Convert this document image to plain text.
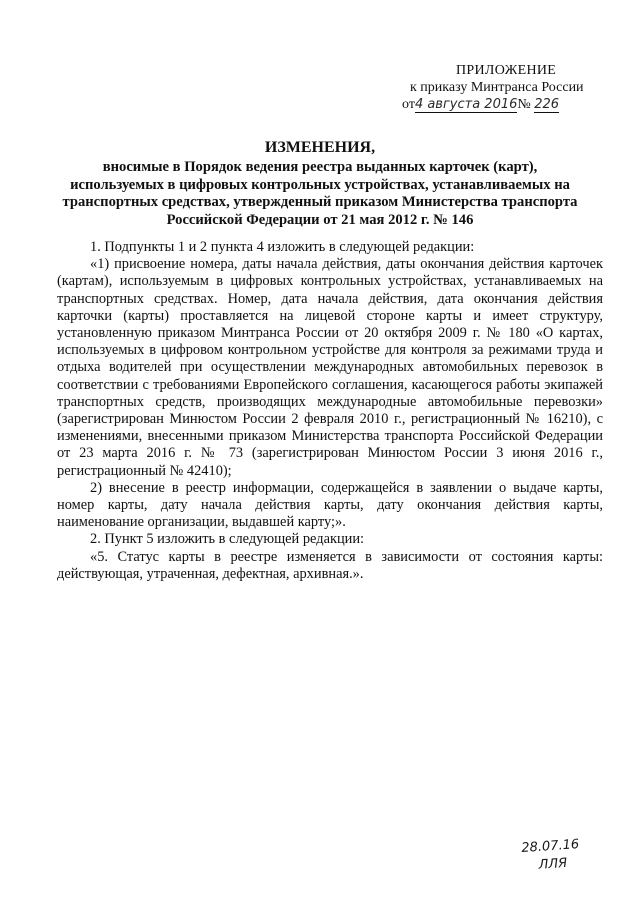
ПРИЛОЖЕНИЕ
к приказу Минтранса России
от4 августа 2016№ 226
ИЗМЕНЕНИЯ,
вносимые в Порядок ведения реестра выданных карточек (карт), используемых в цифровых контрольных устройствах, устанавливаемых на транспортных средствах, утвержденный приказом Министерства транспорта Российской Федерации от 21 мая 2012 г. № 146

1. Подпункты 1 и 2 пункта 4 изложить в следующей редакции:

«1) присвоение номера, даты начала действия, даты окончания действия карточек (картам), используемым в цифровых контрольных устройствах, устанавливаемых на транспортных средствах. Номер, дата начала действия, дата окончания действия карточки (карты) проставляется на лицевой стороне карты и имеет структуру, установленную приказом Минтранса России от 20 октября 2009 г. № 180 «О картах, используемых в цифровом контрольном устройстве для контроля за режимами труда и отдыха водителей при осуществлении международных автомобильных перевозок в соответствии с требованиями Европейского соглашения, касающегося работы экипажей транспортных средств, производящих международные автомобильные перевозки» (зарегистрирован Минюстом России 2 февраля 2010 г., регистрационный № 16210), с изменениями, внесенными приказом Министерства транспорта Российской Федерации от 23 марта 2016 г. № 73 (зарегистрирован Минюстом России 3 июня 2016 г., регистрационный № 42410);

2) внесение в реестр информации, содержащейся в заявлении о выдаче карты, номер карты, дату начала действия карты, дату окончания действия карты, наименование организации, выдавшей карту;».

2. Пункт 5 изложить в следующей редакции:

«5. Статус карты в реестре изменяется в зависимости от состояния карты: действующая, утраченная, дефектная, архивная.».

28.07.16
ЛЛЯ
